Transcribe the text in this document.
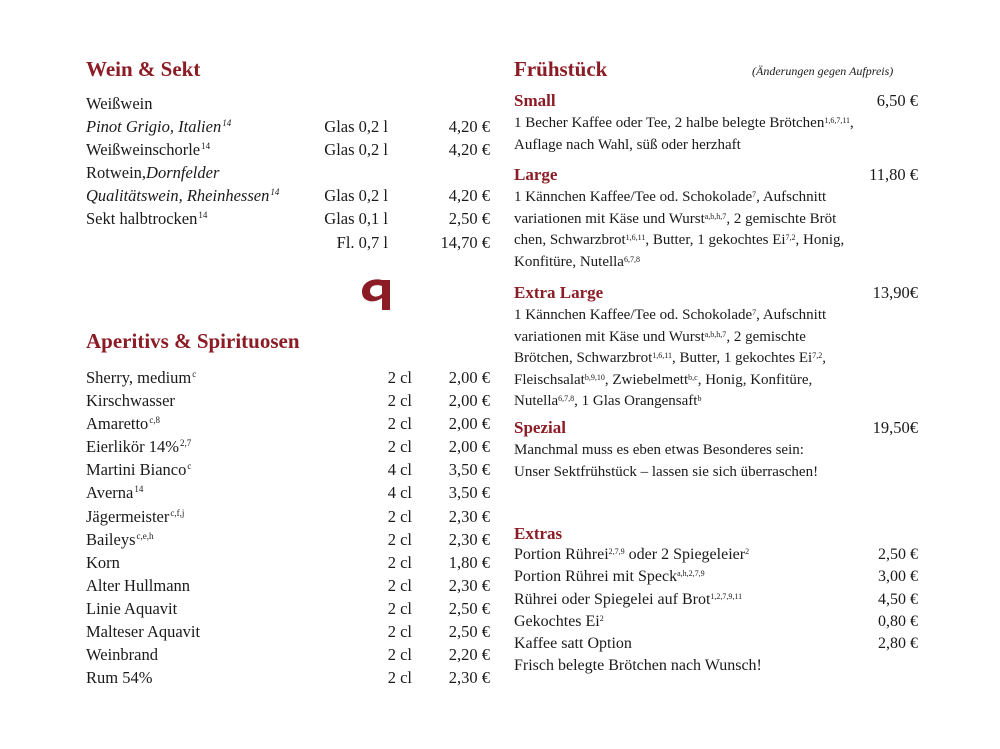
Wein & Sekt
Weißwein
Pinot Grigio, Italien$^{14}$	Glas 0,2 l	4,20 €
Weißweinschorle$^{14}$	Glas 0,2 l	4,20 €
Rotwein,Dornfelder
Qualitätswein, Rheinhessen$^{14}$	Glas 0,2 l	4,20 €
Sekt halbtrocken$^{14}$	Glas 0,1 l	2,50 €
Fl. 0,7 l	14,70 €
Aperitivs & Spirituosen
Sherry, medium$^c$	2 cl 2,00 €
Kirschwasser	2 cl 2,00 €
Amaretto$^{c,8}$	2 cl 2,00 €
Eierlikör 14%$^{2,7}$	2 cl 2,00 €
Martini Bianco$^c$	4 cl 3,50 €
Averna$^{14}$	4 cl 3,50 €
Jägermeister$^{c,f,j}$	2 cl 2,30 €
Baileys$^{c,e,h}$	2 cl 2,30 €
Korn	2 cl 1,80 €
Alter Hullmann	2 cl 2,30 €
Linie Aquavit	2 cl 2,50 €
Malteser Aquavit	2 cl 2,50 €
Weinbrand	2 cl 2,20 €
Rum 54%	2 cl 2,30 €
Frühstück	(Änderungen gegen Aufpreis)
Small	6,50 €
1 Becher Kaffee oder Tee, 2 halbe belegte Brötchen$^{1,6,7,11}$,
Auflage nach Wahl, süß oder herzhaft
Large	11,80 €
1 Kännchen Kaffee/Tee od. Schokolade$^7$, Aufschnitt
variationen mit Käse und Wurst$^{a,b,h,7}$, 2 gemischte Bröt
chen, Schwarzbrot$^{1,6,11}$, Butter, 1 gekochtes Ei$^{7,2}$, Honig,
Konfitüre, Nutella$^{6,7,8}$
Extra Large	13,90€
1 Kännchen Kaffee/Tee od. Schokolade$^7$, Aufschnitt
variationen mit Käse und Wurst$^{a,b,h,7}$, 2 gemischte
Brötchen, Schwarzbrot$^{1,6,11}$, Butter, 1 gekochtes Ei$^{7,2}$,
Fleischsalat$^{b,9,10}$, Zwiebelmett$^{b,c}$, Honig, Konfitüre,
Nutella$^{6,7,8}$, 1 Glas Orangensaft$^b$
Spezial	19,50€
Manchmal muss es eben etwas Besonderes sein:
Unser Sektfrühstück – lassen sie sich überraschen!
Extras
Portion Rührei$^{2,7,9}$ oder 2 Spiegeleier$^2$	2,50 €
Portion Rührei mit Speck$^{a,h,2,7,9}$	3,00 €
Rührei oder Spiegelei auf Brot$^{1,2,7,9,11}$	4,50 €
Gekochtes Ei$^2$	0,80 €
Kaffee satt Option	2,80 €
Frisch belegte Brötchen nach Wunsch!
